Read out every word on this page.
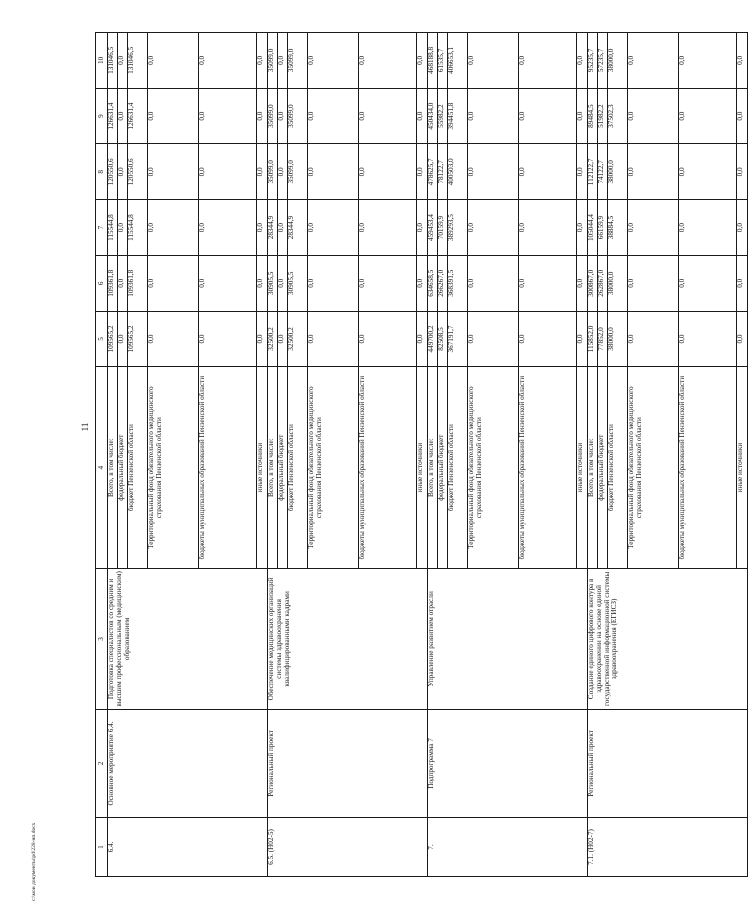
11
c:\мои документы\рd\228-нп.docx	1	2	3	4	5	6	7	8	9	10
6.4.	Основное мероприятие 6.4.	Подготовка специалистов со средним и высшим профессиональным (медицинским) образованием	Всего, в том числе:	109565,2	109361,8	115544,8	120550,6	126631,4	131046,5
			федеральный бюджет	0,0	0,0	0,0	0,0	0,0	0,0
			бюджет Пензенской области	109565,2	109361,8	115544,8	120550,6	126631,4	131046,5
			Территориальный фонд обязательного медицинского страхования Пензенской области	0,0	0,0	0,0	0,0	0,0	0,0
			бюджеты муниципальных образований Пензенской области	0,0	0,0	0,0	0,0	0,0	0,0
			иные источники	0,0	0,0	0,0	0,0	0,0	0,0
6.5. (Н02-5)	Региональный проект	Обеспечение медицинских организаций системы здравоохранения квалифицированными кадрами	Всего, в том числе:	32500,2	30905,5	28344,9	35099,0	35099,0	35099,0
			федеральный бюджет	0,0	0,0	0,0	0,0	0,0	0,0
			бюджет Пензенской области	32500,2	30905,5	28344,9	35099,0	35099,0	35099,0
			Территориальный фонд обязательного медицинского страхования Пензенской области	0,0	0,0	0,0	0,0	0,0	0,0
			бюджеты муниципальных образований Пензенской области	0,0	0,0	0,0	0,0	0,0	0,0
			иные источники	0,0	0,0	0,0	0,0	0,0	0,0
7.	Подпрограмма 7	Управление развитием отрасли	Всего, в том числе:	449700,2	634658,5	459453,4	478625,7	450434,0	468188,8
			федеральный бюджет	82508,5	266267,0	70159,9	78122,7	55982,2	61535,7
			бюджет Пензенской области	367191,7	368391,5	389293,5	400503,0	394451,8	406653,1
			Территориальный фонд обязательного медицинского страхования Пензенской области	0,0	0,0	0,0	0,0	0,0	0,0
			бюджеты муниципальных образований Пензенской области	0,0	0,0	0,0	0,0	0,0	0,0
			иные источники	0,0	0,0	0,0	0,0	0,0	0,0
7.1. (Н02-7)	Региональный проект	Создание единого цифрового контура в здравоохранении на основе единой государственной информационной системы здравоохранения (ЕГИСЗ)	Всего, в том числе:	115852,0	300867,0	105044,4	112122,7	89484,5	95235,7
			федеральный бюджет	77852,0	262867,0	66159,9	74122,7	51982,2	57235,7
			бюджет Пензенской области	38000,0	38000,0	38884,5	38000,0	37502,3	38000,0
			Территориальный фонд обязательного медицинского страхования Пензенской области	0,0	0,0	0,0	0,0	0,0	0,0
			бюджеты муниципальных образований Пензенской области	0,0	0,0	0,0	0,0	0,0	0,0
			иные источники	0,0	0,0	0,0	0,0	0,0	0,0
